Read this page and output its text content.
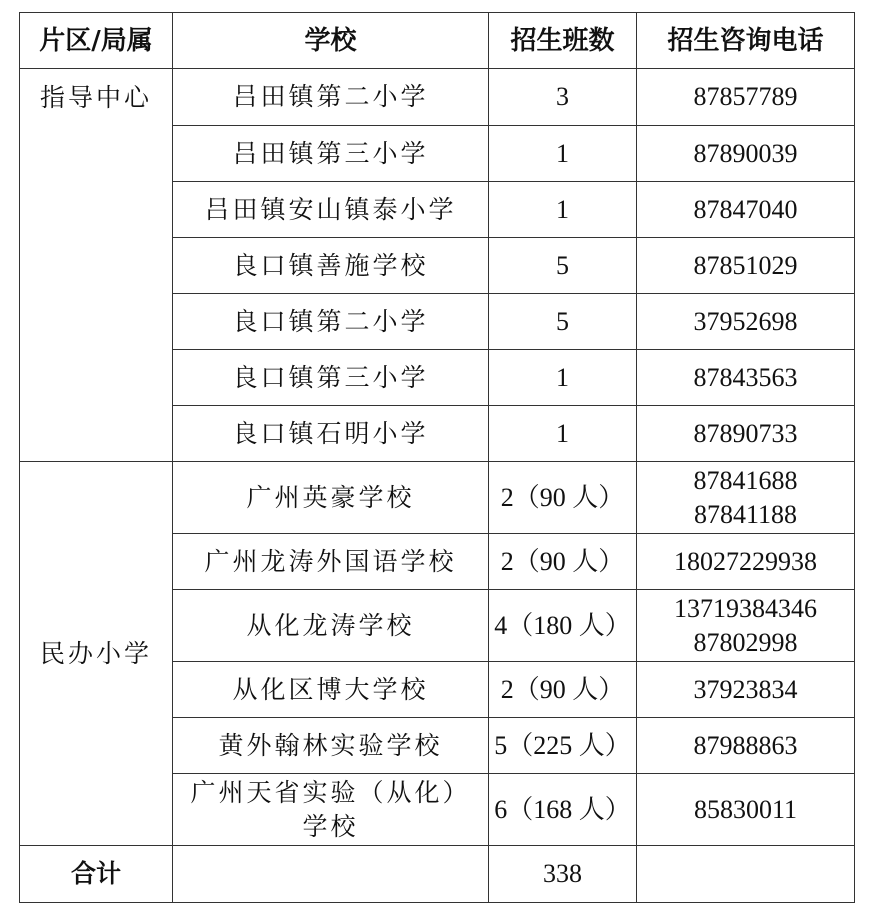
片区/局属	学校	招生班数	招生咨询电话
指导中心	吕田镇第二小学	3	87857789
	吕田镇第三小学	1	87890039
	吕田镇安山镇泰小学	1	87847040
	良口镇善施学校	5	87851029
	良口镇第二小学	5	37952698
	良口镇第三小学	1	87843563
	良口镇石明小学	1	87890733
民办小学	广州英豪学校	2（90 人）	87841688
87841188

	广州龙涛外国语学校	2（90 人）	18027229938
	从化龙涛学校	4（180 人）	13719384346
87802998

	从化区博大学校	2（90 人）	37923834
	黄外翰林实验学校	5（225 人）	87988863

	广州天省实验（从化）
学校	6（168 人）	85830011
合计		338	
